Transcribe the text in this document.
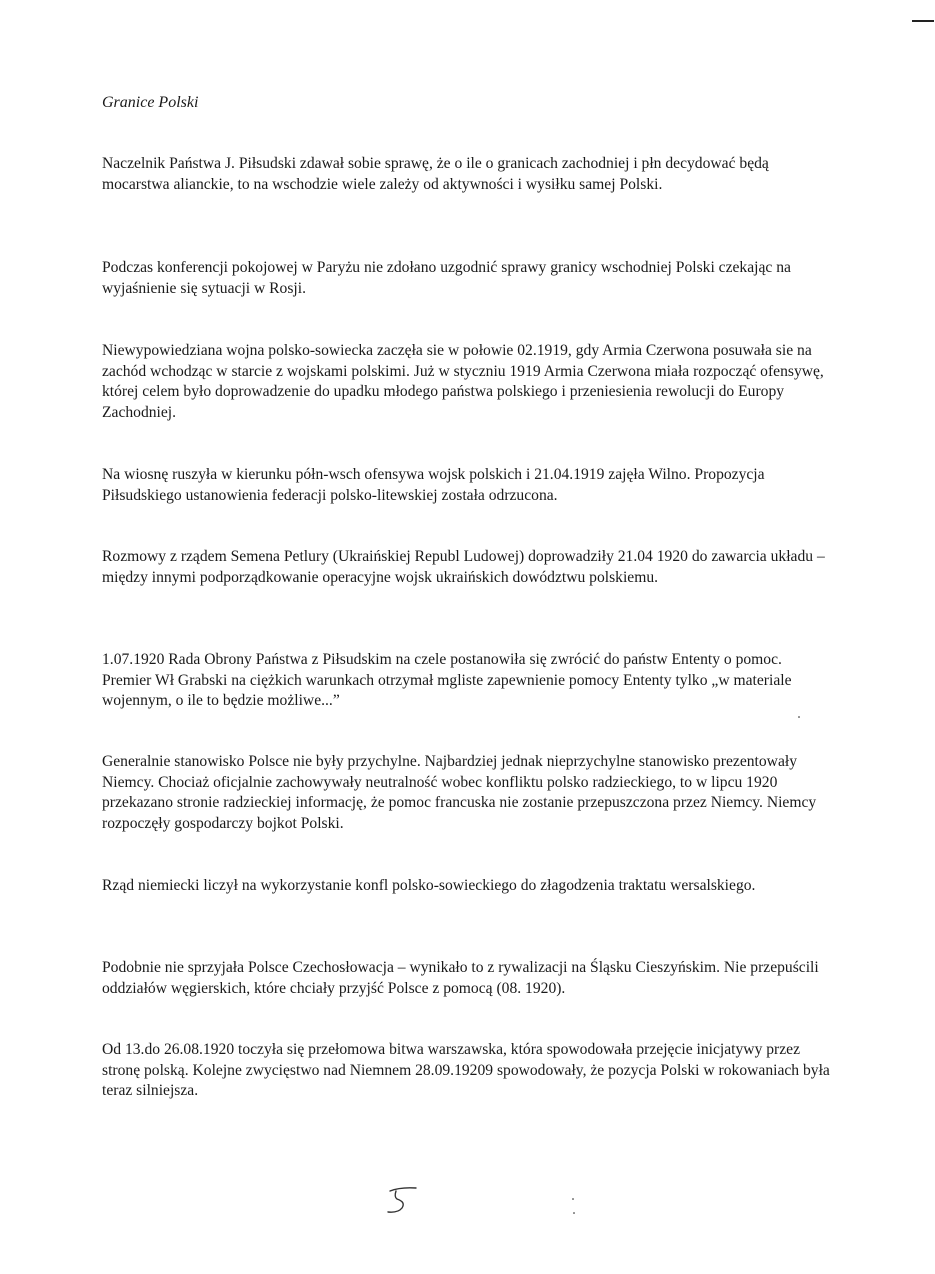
Granice Polski

Naczelnik Państwa J. Piłsudski zdawał sobie sprawę, że o ile o granicach zachodniej i płn decydować będą mocarstwa alianckie, to na wschodzie wiele zależy od aktywności i wysiłku samej Polski.

Podczas konferencji pokojowej w Paryżu nie zdołano uzgodnić sprawy granicy wschodniej Polski czekając na wyjaśnienie się sytuacji w Rosji.

Niewypowiedziana wojna polsko-sowiecka zaczęła sie w połowie 02.1919, gdy Armia Czerwona posuwała sie na zachód wchodząc w starcie z wojskami polskimi. Już w styczniu 1919 Armia Czerwona miała rozpocząć ofensywę, której celem było doprowadzenie do upadku młodego państwa polskiego i przeniesienia rewolucji do Europy Zachodniej.

Na wiosnę ruszyła w kierunku półn-wsch ofensywa wojsk polskich i 21.04.1919 zajęła Wilno. Propozycja Piłsudskiego ustanowienia federacji polsko-litewskiej została odrzucona.

Rozmowy z rządem Semena Petlury (Ukraińskiej Republ Ludowej) doprowadziły 21.04 1920 do zawarcia układu – między innymi podporządkowanie operacyjne wojsk ukraińskich dowództwu polskiemu.

1.07.1920 Rada Obrony Państwa z Piłsudskim na czele postanowiła się zwrócić do państw Ententy o pomoc. Premier Wł Grabski na ciężkich warunkach otrzymał mgliste zapewnienie pomocy Ententy tylko „w materiale wojennym, o ile to będzie możliwe...”

Generalnie stanowisko Polsce nie były przychylne. Najbardziej jednak nieprzychylne stanowisko prezentowały Niemcy. Chociaż oficjalnie zachowywały neutralność wobec konfliktu polsko radzieckiego, to w lipcu 1920 przekazano stronie radzieckiej informację, że pomoc francuska nie zostanie przepuszczona przez Niemcy. Niemcy rozpoczęły gospodarczy bojkot Polski.

Rząd niemiecki liczył na wykorzystanie konfl polsko-sowieckiego do złagodzenia traktatu wersalskiego.

Podobnie nie sprzyjała Polsce Czechosłowacja – wynikało to z rywalizacji na Śląsku Cieszyńskim. Nie przepuścili oddziałów węgierskich, które chciały przyjść Polsce z pomocą (08. 1920).

Od 13.do 26.08.1920 toczyła się przełomowa bitwa warszawska, która spowodowała przejęcie inicjatywy przez stronę polską. Kolejne zwycięstwo nad Niemnem 28.09.19209 spowodowały, że pozycja Polski w rokowaniach była teraz silniejsza.
